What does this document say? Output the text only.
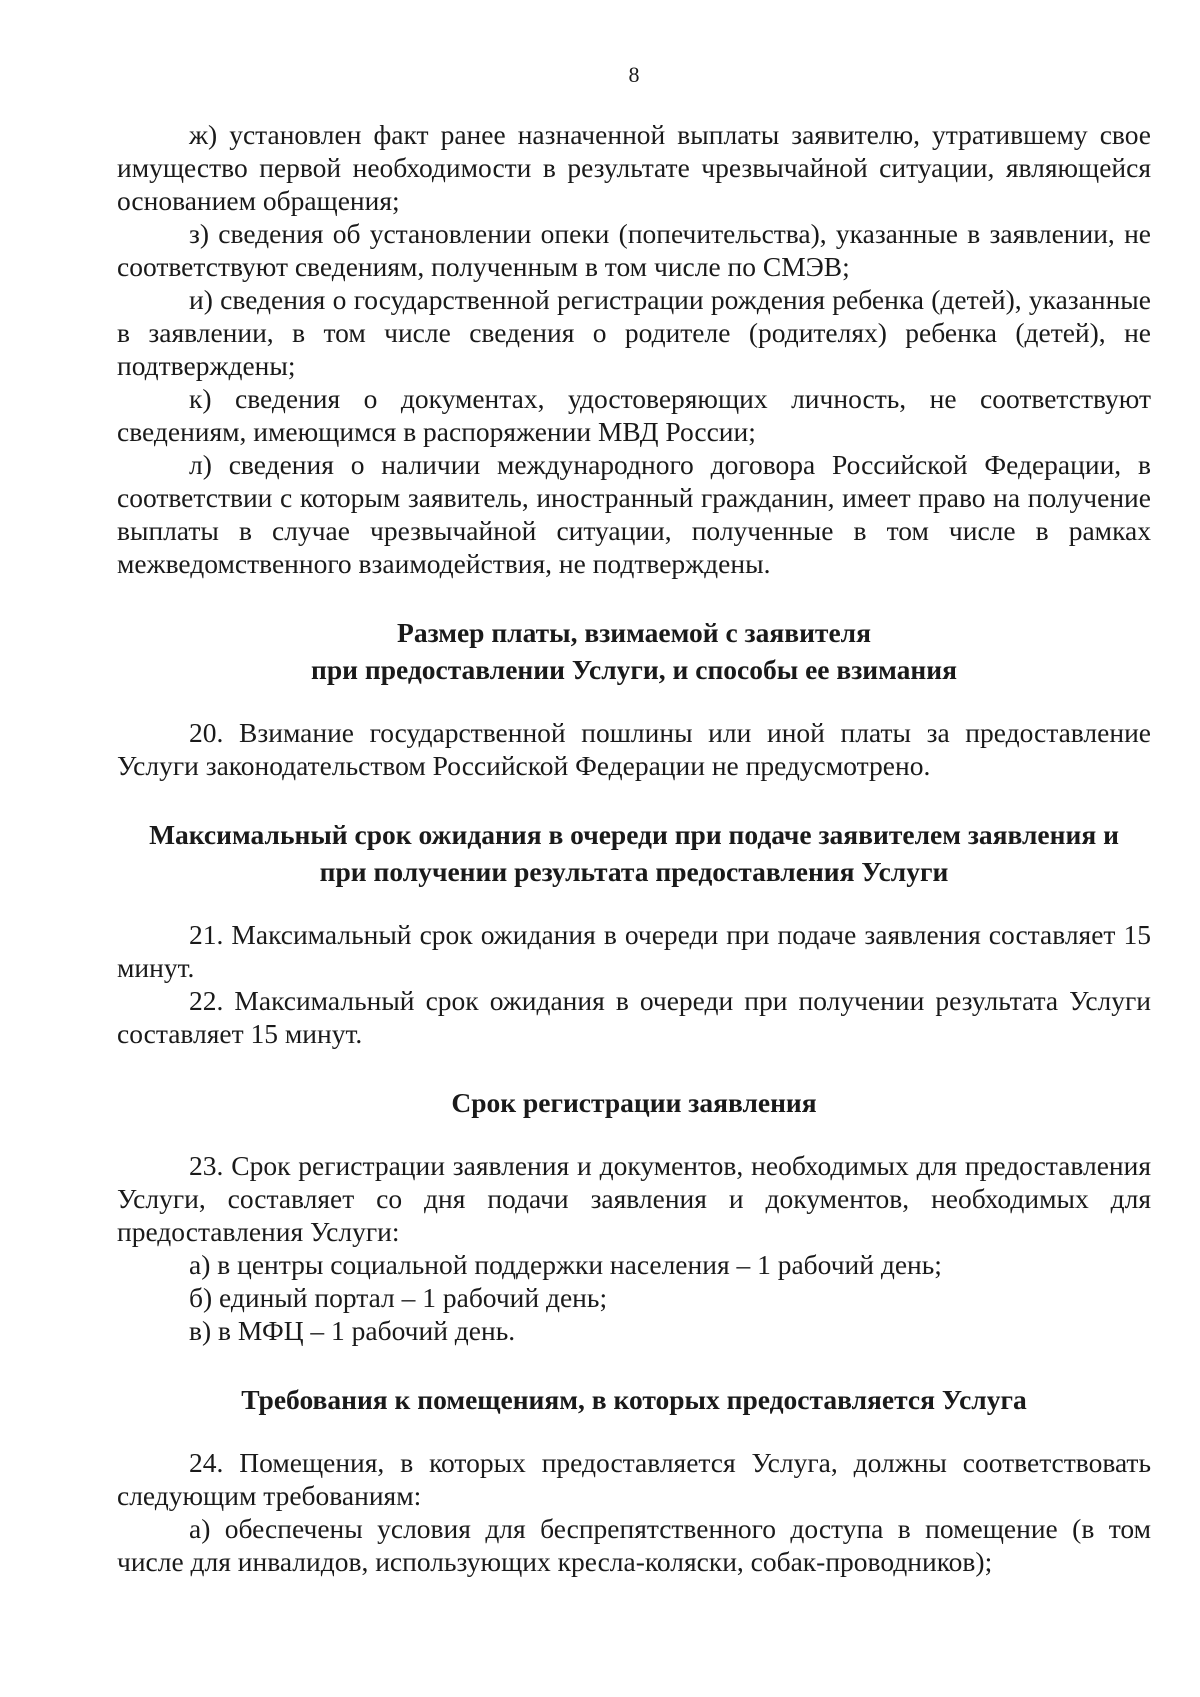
8

ж) установлен факт ранее назначенной выплаты заявителю, утратившему свое имущество первой необходимости в результате чрезвычайной ситуации, являющейся основанием обращения;

з) сведения об установлении опеки (попечительства), указанные в заявлении, не соответствуют сведениям, полученным в том числе по СМЭВ;

и) сведения о государственной регистрации рождения ребенка (детей), указанные в заявлении, в том числе сведения о родителе (родителях) ребенка (детей), не подтверждены;

к) сведения о документах, удостоверяющих личность, не соответствуют сведениям, имеющимся в распоряжении МВД России;

л) сведения о наличии международного договора Российской Федерации, в соответствии с которым заявитель, иностранный гражданин, имеет право на получение выплаты в случае чрезвычайной ситуации, полученные в том числе в рамках межведомственного взаимодействия, не подтверждены.

Размер платы, взимаемой с заявителя
при предоставлении Услуги, и способы ее взимания

20. Взимание государственной пошлины или иной платы за предоставление Услуги законодательством Российской Федерации не предусмотрено.

Максимальный срок ожидания в очереди при подаче заявителем заявления и
при получении результата предоставления Услуги

21. Максимальный срок ожидания в очереди при подаче заявления составляет 15 минут.

22. Максимальный срок ожидания в очереди при получении результата Услуги составляет 15 минут.

Срок регистрации заявления

23. Срок регистрации заявления и документов, необходимых для предоставления Услуги, составляет со дня подачи заявления и документов, необходимых для предоставления Услуги:

а) в центры социальной поддержки населения – 1 рабочий день;

б) единый портал – 1 рабочий день;

в) в МФЦ – 1 рабочий день.

Требования к помещениям, в которых предоставляется Услуга

24. Помещения, в которых предоставляется Услуга, должны соответствовать следующим требованиям:

а) обеспечены условия для беспрепятственного доступа в помещение (в том числе для инвалидов, использующих кресла-коляски, собак-проводников);
